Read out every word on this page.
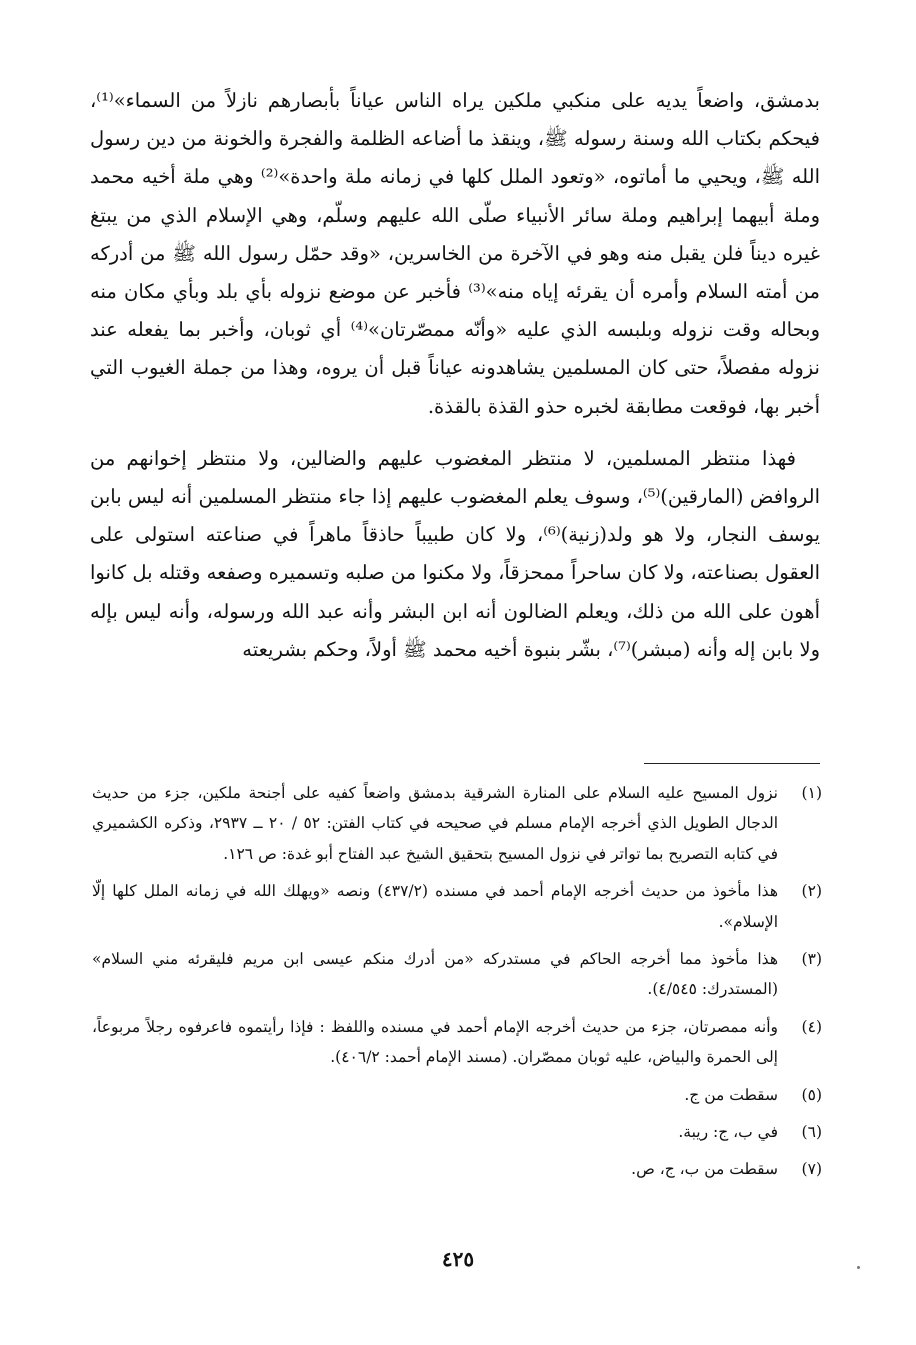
بدمشق، واضعاً يديه على منكبي ملكين يراه الناس عياناً بأبصارهم نازلاً من السماء»⁽¹⁾، فيحكم بكتاب الله وسنة رسوله ﷺ، وينقذ ما أضاعه الظلمة والفجرة والخونة من دين رسول الله ﷺ، ويحيي ما أماتوه، «وتعود الملل كلها في زمانه ملة واحدة»⁽²⁾ وهي ملة أخيه محمد وملة أبيهما إبراهيم وملة سائر الأنبياء صلّى الله عليهم وسلّم، وهي الإسلام الذي من يبتغ غيره ديناً فلن يقبل منه وهو في الآخرة من الخاسرين، «وقد حمّل رسول الله ﷺ من أدركه من أمته السلام وأمره أن يقرئه إياه منه»⁽³⁾ فأخبر عن موضع نزوله بأي بلد وبأي مكان منه وبحاله وقت نزوله وبلبسه الذي عليه «وأنّه ممصّرتان»⁽⁴⁾ أي ثوبان، وأخبر بما يفعله عند نزوله مفصلاً، حتى كان المسلمين يشاهدونه عياناً قبل أن يروه، وهذا من جملة الغيوب التي أخبر بها، فوقعت مطابقة لخبره حذو القذة بالقذة.

فهذا منتظر المسلمين، لا منتظر المغضوب عليهم والضالين، ولا منتظر إخوانهم من الروافض (المارقين)⁽⁵⁾، وسوف يعلم المغضوب عليهم إذا جاء منتظر المسلمين أنه ليس بابن يوسف النجار، ولا هو ولد(زنية)⁽⁶⁾، ولا كان طبيباً حاذقاً ماهراً في صناعته استولى على العقول بصناعته، ولا كان ساحراً ممحزقاً، ولا مكنوا من صلبه وتسميره وصفعه وقتله بل كانوا أهون على الله من ذلك، ويعلم الضالون أنه ابن البشر وأنه عبد الله ورسوله، وأنه ليس بإله ولا بابن إله وأنه (مبشر)⁽⁷⁾، بشّر بنبوة أخيه محمد ﷺ أولاً، وحكم بشريعته

(١)
نزول المسيح عليه السلام على المنارة الشرقية بدمشق واضعاً كفيه على أجنحة ملكين، جزء من حديث الدجال الطويل الذي أخرجه الإمام مسلم في صحيحه في كتاب الفتن: ٥٢ / ٢٠ ــ ٢٩٣٧، وذكره الكشميري في كتابه التصريح بما تواتر في نزول المسيح بتحقيق الشيخ عبد الفتاح أبو غدة: ص ١٢٦.
(٢)
هذا مأخوذ من حديث أخرجه الإمام أحمد في مسنده (٤٣٧/٢) ونصه «ويهلك الله في زمانه الملل كلها إلّا الإسلام».
(٣)
هذا مأخوذ مما أخرجه الحاكم في مستدركه «من أدرك منكم عيسى ابن مريم فليقرئه مني السلام» (المستدرك: ٤/٥٤٥).
(٤)
وأنه ممصرتان، جزء من حديث أخرجه الإمام أحمد في مسنده واللفظ : فإذا رأيتموه فاعرفوه رجلاً مربوعاً، إلى الحمرة والبياض، عليه ثوبان ممصّران. (مسند الإمام أحمد: ٤٠٦/٢).
(٥)
سقطت من ج.
(٦)
في ب، ج: ريبة.
(٧)
سقطت من ب، ج، ص.
٤٢٥
